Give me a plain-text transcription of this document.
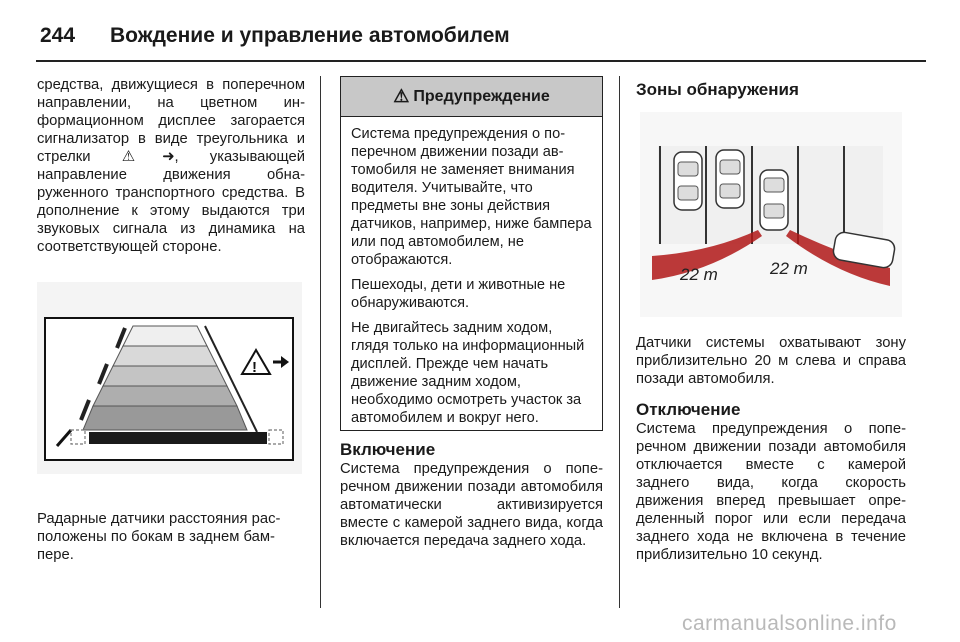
244 Вождение и управление автомобилем

средства, движущиеся в поперечном направлении, на цветном информационном дисплее загорается сигнализатор в виде треугольника и стрелки ⚠➜, указывающей направление движения обнаруженного транспортного средства. В дополнение к этому выдаются три звуковых сигнала из динамика на соответствующей стороне.

!

Радарные датчики расстояния расположены по бокам в заднем бампере.

⚠ Предупреждение

Система предупреждения о поперечном движении позади автомобиля не заменяет внимания водителя. Учитывайте, что предметы вне зоны действия датчиков, например, ниже бампера или под автомобилем, не отображаются.

Пешеходы, дети и животные не обнаруживаются.

Не двигайтесь задним ходом, глядя только на информационный дисплей. Прежде чем начать движение задним ходом, необходимо осмотреть участок за автомобилем и вокруг него.

Включение

Система предупреждения о поперечном движении позади автомобиля автоматически активизируется вместе с камерой заднего вида, когда включается передача заднего хода.

Зоны обнаружения
22 m	22 m

Датчики системы охватывают зону приблизительно 20 м слева и справа позади автомобиля.

Отключение

Система предупреждения о поперечном движении позади автомобиля отключается вместе с камерой заднего вида, когда скорость движения вперед превышает определенный порог или если передача заднего хода не включена в течение приблизительно 10 секунд.

carmanualsonline.info
